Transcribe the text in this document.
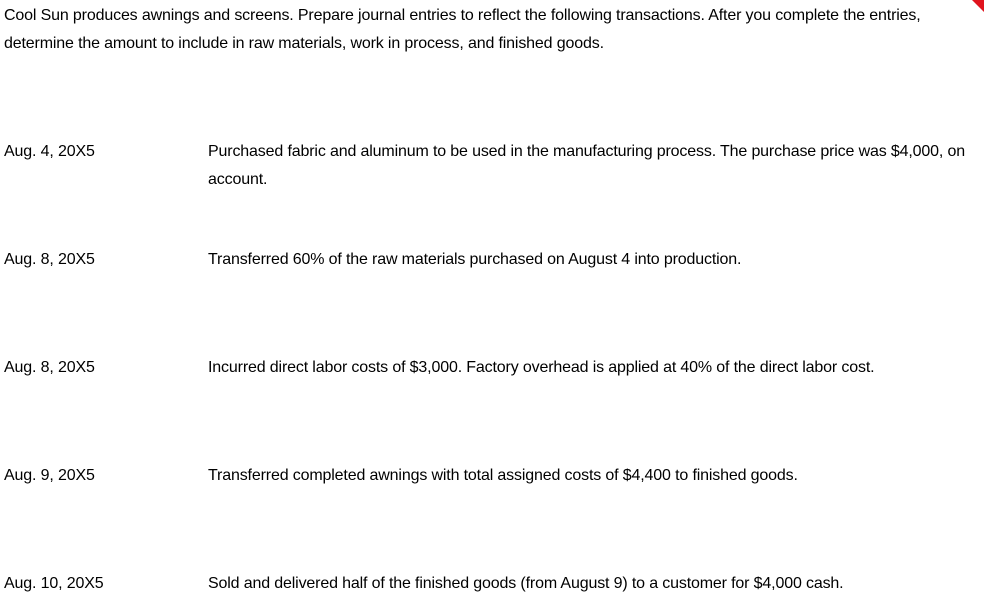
Cool Sun produces awnings and screens. Prepare journal entries to reflect the following transactions. After you complete the entries, determine the amount to include in raw materials, work in process, and finished goods.

Aug. 4, 20X5	Purchased fabric and aluminum to be used in the manufacturing process. The purchase price was $4,000, on account.
Aug. 8, 20X5	Transferred 60% of the raw materials purchased on August 4 into production.
Aug. 8, 20X5	Incurred direct labor costs of $3,000. Factory overhead is applied at 40% of the direct labor cost.
Aug. 9, 20X5	Transferred completed awnings with total assigned costs of $4,400 to finished goods.
Aug. 10, 20X5	Sold and delivered half of the finished goods (from August 9) to a customer for $4,000 cash.
